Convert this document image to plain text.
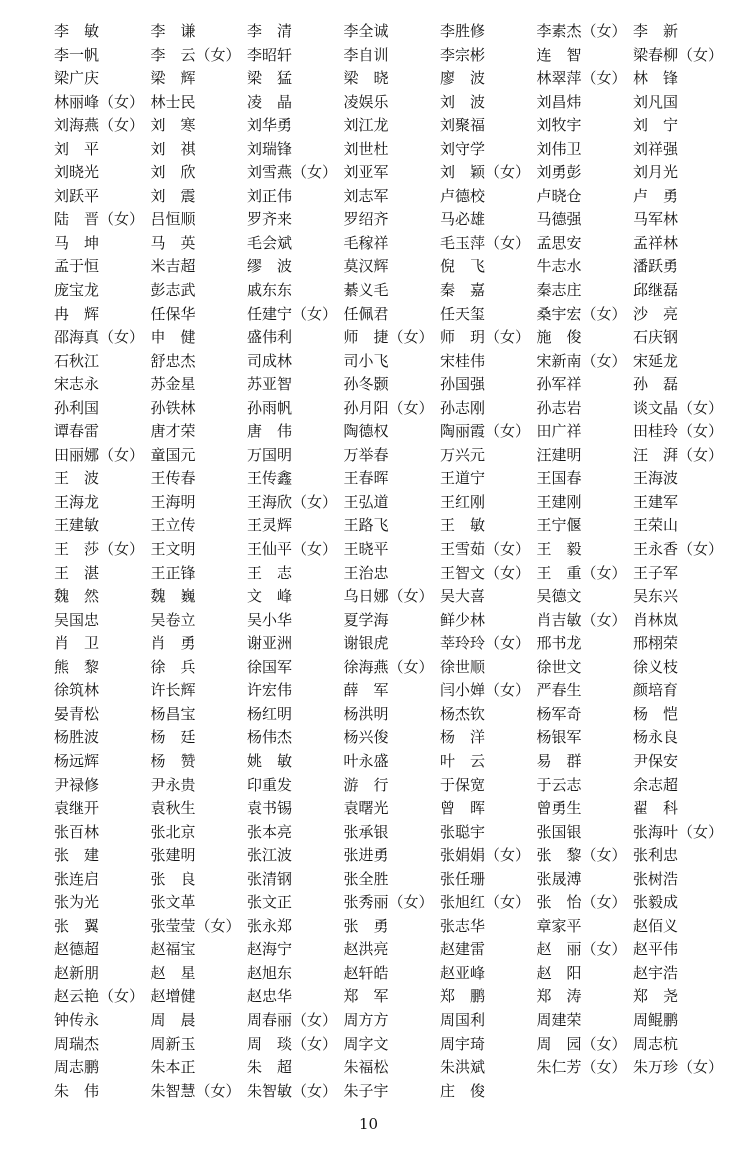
李　敏	李　谦	李　清	李全诚	李胜修	李素杰（女） 李　新
李一帆	李　云（女） 李昭轩	李自训	李宗彬	连　智	梁春柳（女）
梁广庆	梁　辉	梁　猛	梁　晓	廖　波	林翠萍（女） 林　锋
林丽峰（女） 林士民	凌　晶	凌娱乐	刘　波	刘昌炜	刘凡国
刘海燕（女） 刘　寒	刘华勇	刘江龙	刘聚福	刘牧宇	刘　宁
刘　平	刘　祺	刘瑞锋	刘世杜	刘守学	刘伟卫	刘祥强
刘晓光	刘　欣	刘雪燕（女） 刘亚军	刘　颖（女） 刘勇彭	刘月光
刘跃平	刘　震	刘正伟	刘志军	卢德校	卢晓仓	卢　勇
陆　晋（女） 吕恒顺	罗齐来	罗绍齐	马必雄	马德强	马军林
马　坤	马　英	毛会斌	毛稼祥	毛玉萍（女） 孟思安	孟祥林
孟于恒	米吉超	缪　波	莫汉辉	倪　飞	牛志水	潘跃勇
庞宝龙	彭志武	戚东东	綦义毛	秦　嘉	秦志庄	邱继磊
冉　辉	任保华	任建宁（女） 任佩君	任天玺	桑宇宏（女） 沙　亮
邵海真（女） 申　健	盛伟利	师　捷（女） 师　玥（女） 施　俊	石庆钢
石秋江	舒忠杰	司成林	司小飞	宋桂伟	宋新南（女） 宋延龙
宋志永	苏金星	苏亚智	孙冬颢	孙国强	孙军祥	孙　磊
孙利国	孙铁林	孙雨帆	孙月阳（女） 孙志刚	孙志岩	谈文晶（女）
谭春雷	唐才荣	唐　伟	陶德权	陶丽霞（女） 田广祥	田桂玲（女）
田丽娜（女） 童国元	万国明	万举春	万兴元	汪建明	汪　湃（女）
王　波	王传春	王传鑫	王春晖	王道宁	王国春	王海波
王海龙	王海明	王海欣（女） 王弘道	王红刚	王建刚	王建军
王建敏	王立传	王灵辉	王路飞	王　敏	王宁偃	王荣山
王　莎（女） 王文明	王仙平（女） 王晓平	王雪茹（女） 王　毅	王永香（女）
王　湛	王正锋	王　志	王治忠	王智文（女） 王　重（女） 王子军
魏　然	魏　巍	文　峰	乌日娜（女） 吴大喜	吴德文	吴东兴
吴国忠	吴卷立	吴小华	夏学海	鲜少林	肖吉敏（女） 肖林岚
肖　卫	肖　勇	谢亚洲	谢银虎	莘玲玲（女） 邢书龙	邢栩荣
熊　黎	徐　兵	徐国军	徐海燕（女） 徐世顺	徐世文	徐义枝
徐筑林	许长辉	许宏伟	薛　军	闫小婵（女） 严春生	颜培育
晏青松	杨昌宝	杨红明	杨洪明	杨杰钦	杨军奇	杨　恺
杨胜波	杨　廷	杨伟杰	杨兴俊	杨　洋	杨银军	杨永良
杨远辉	杨　赞	姚　敏	叶永盛	叶　云	易　群	尹保安
尹禄修	尹永贵	印重发	游　行	于保宽	于云志	余志超
袁继开	袁秋生	袁书锡	袁曙光	曾　晖	曾勇生	翟　科
张百林	张北京	张本亮	张承银	张聪宇	张国银	张海叶（女）
张　建	张建明	张江波	张进勇	张娟娟（女） 张　黎（女） 张利忠
张连启	张　良	张清钢	张全胜	张任珊	张晟溥	张树浩
张为光	张文革	张文正	张秀丽（女） 张旭红（女） 张　怡（女） 张毅成
张　翼	张莹莹（女） 张永郑	张　勇	张志华	章家平	赵佰义
赵德超	赵福宝	赵海宁	赵洪亮	赵建雷	赵　丽（女） 赵平伟
赵新朋	赵　星	赵旭东	赵轩皓	赵亚峰	赵　阳	赵宇浩
赵云艳（女） 赵增健	赵忠华	郑　军	郑　鹏	郑　涛	郑　尧
钟传永	周　晨	周春丽（女） 周方方	周国利	周建荣	周鲲鹏
周瑞杰	周新玉	周　琰（女） 周字文	周宇琦	周　园（女） 周志杭
周志鹏	朱本正	朱　超	朱福松	朱洪斌	朱仁芳（女） 朱万珍（女）
朱　伟	朱智慧（女） 朱智敏（女） 朱子宇	庄　俊
10
